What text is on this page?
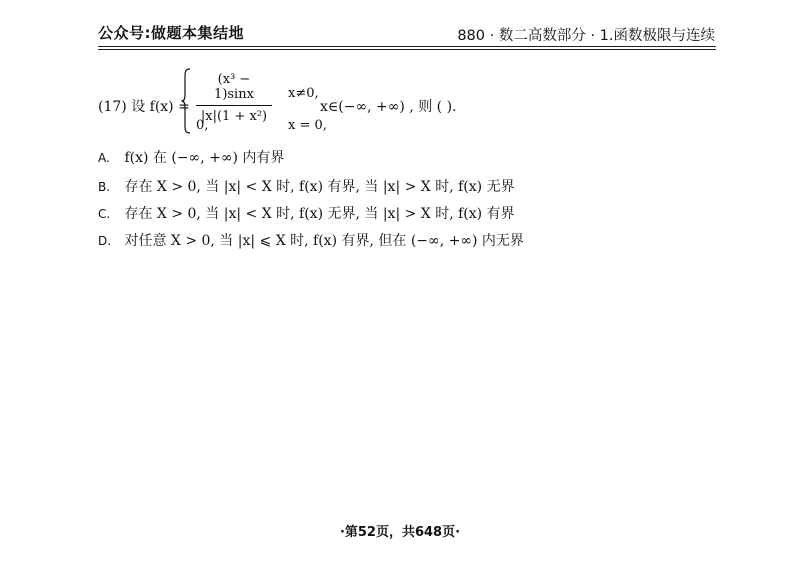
公众号:做题本集结地	880 · 数二高数部分 · 1.函数极限与连续
(17) 设 f(x) =
(x³ − 1)sinx
|x|(1 + x²)
x≠0,
0,	x = 0,
x∈(−∞, +∞) , 则 ( ).
A. f(x) 在 (−∞, +∞) 内有界
B. 存在 X > 0, 当 |x| < X 时, f(x) 有界, 当 |x| > X 时, f(x) 无界
C. 存在 X > 0, 当 |x| < X 时, f(x) 无界, 当 |x| > X 时, f(x) 有界
D. 对任意 X > 0, 当 |x| ⩽ X 时, f(x) 有界, 但在 (−∞, +∞) 内无界
·第52页，共648页·
